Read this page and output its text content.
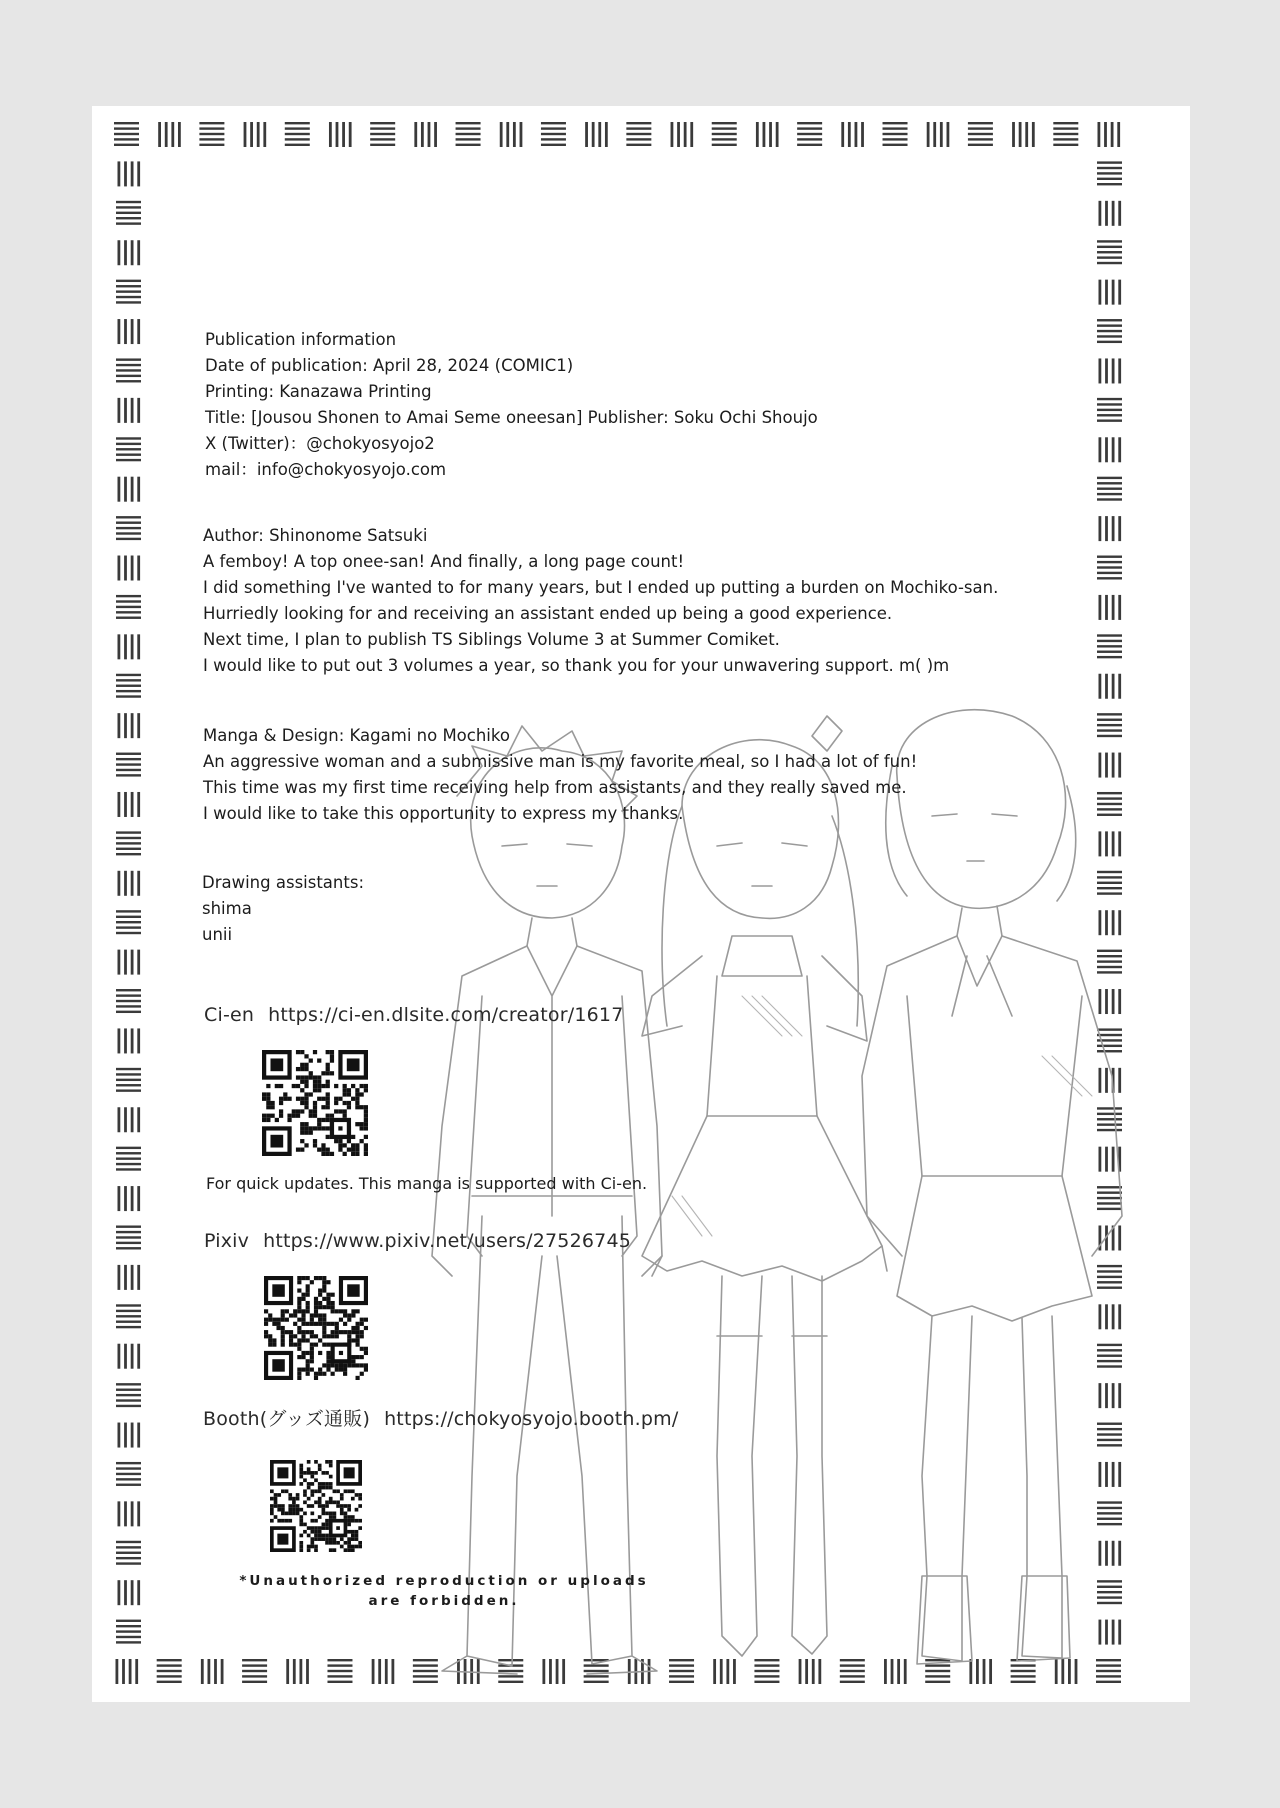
Publication information
Date of publication: April 28, 2024 (COMIC1)
Printing: Kanazawa Printing
Title: [Jousou Shonen to Amai Seme oneesan] Publisher: Soku Ochi Shoujo
X (Twitter)：@chokyosyojo2
mail：info@chokyosyojo.com
Author: Shinonome Satsuki
A femboy! A top onee-san! And finally, a long page count!
I did something I've wanted to for many years, but I ended up putting a burden on Mochiko-san.
Hurriedly looking for and receiving an assistant ended up being a good experience.
Next time, I plan to publish TS Siblings Volume 3 at Summer Comiket.
I would like to put out 3 volumes a year, so thank you for your unwavering support. m( )m
Manga & Design: Kagami no Mochiko
An aggressive woman and a submissive man is my favorite meal, so I had a lot of fun!
This time was my first time receiving help from assistants, and they really saved me.
I would like to take this opportunity to express my thanks.
Drawing assistants:
shima
unii
Ci-en https://ci-en.dlsite.com/creator/1617
For quick updates. This manga is supported with Ci-en.
Pixiv https://www.pixiv.net/users/27526745
Booth(グッズ通販) https://chokyosyojo.booth.pm/
*Unauthorized reproduction or uploads are forbidden.
